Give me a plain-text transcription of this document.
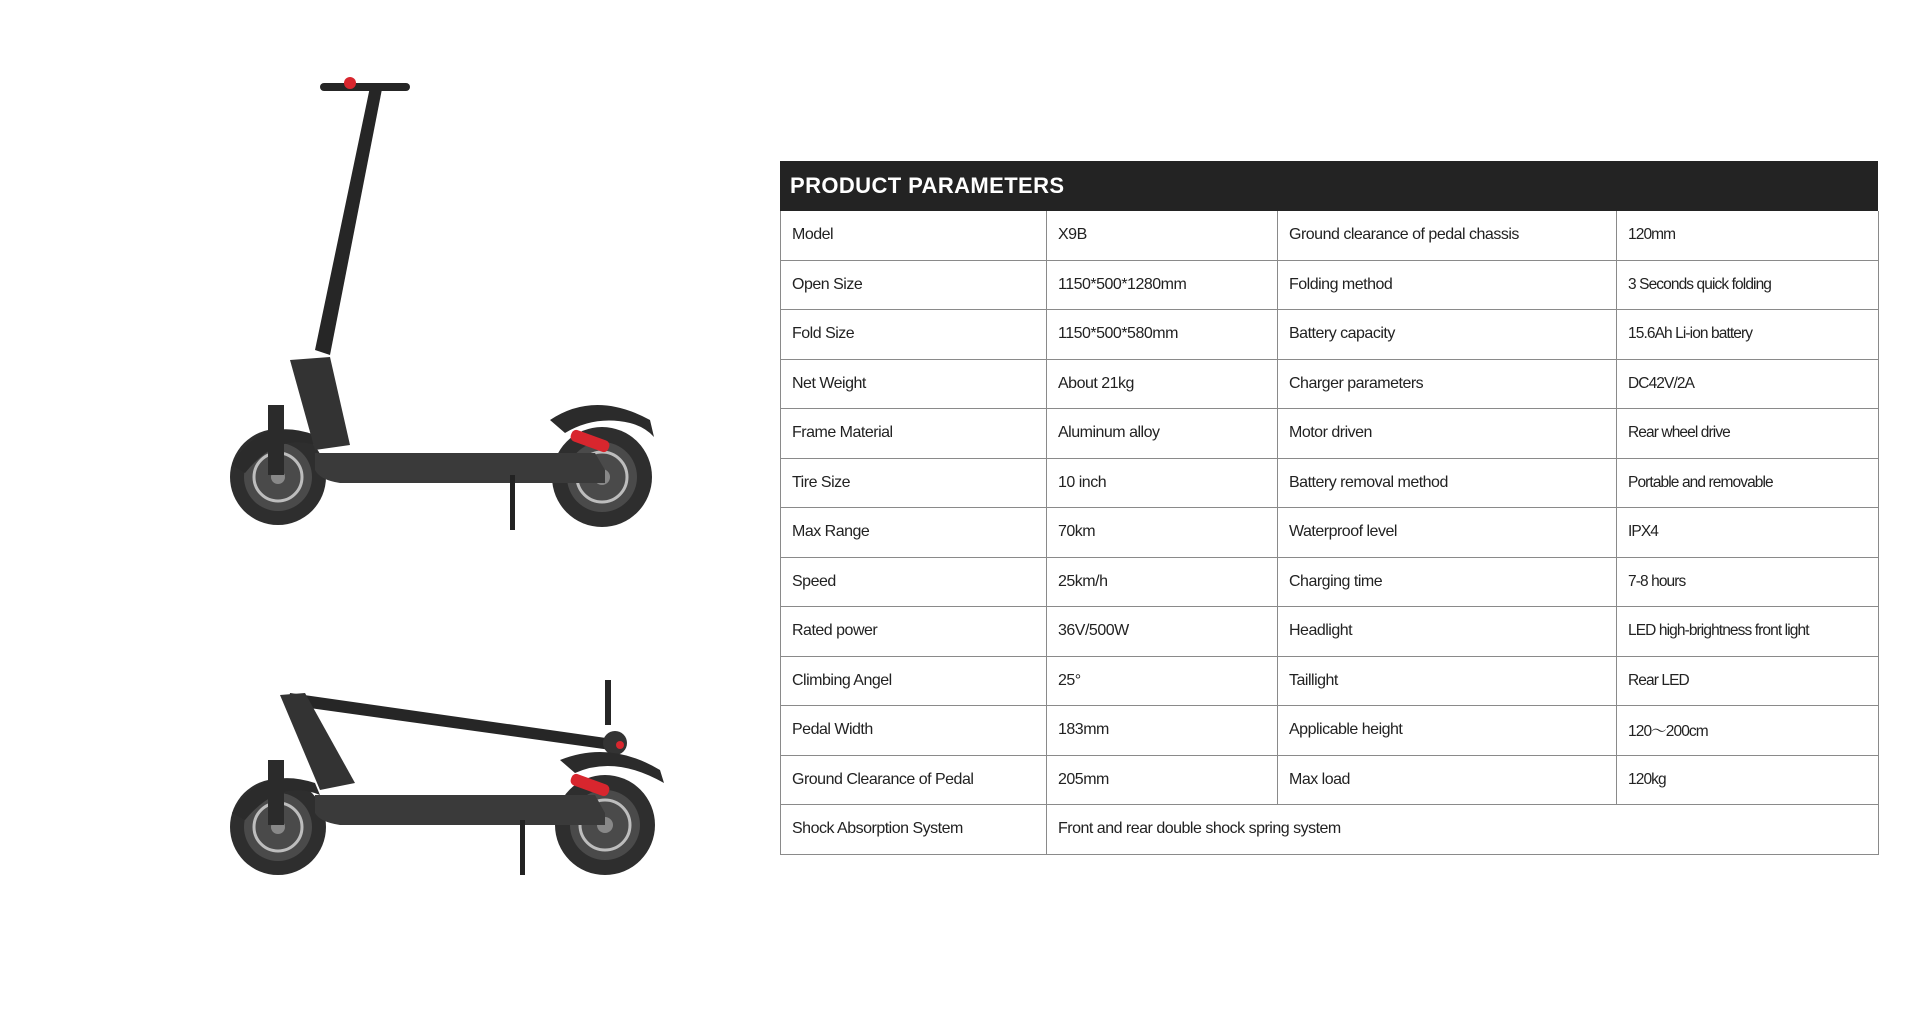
PRODUCT PARAMETERS
Model	X9B	Ground clearance of pedal chassis	120mm
Open Size	1150*500*1280mm	Folding method	3 Seconds quick folding
Fold Size	1150*500*580mm	Battery capacity	15.6Ah Li-ion battery
Net Weight	About 21kg	Charger parameters	DC42V/2A
Frame Material	Aluminum alloy	Motor driven	Rear wheel drive
Tire Size	10 inch	Battery removal method	Portable and removable
Max Range	70km	Waterproof level	IPX4
Speed	25km/h	Charging time	7-8 hours
Rated power	36V/500W	Headlight	LED high-brightness front light
Climbing Angel	25°	Taillight	Rear LED
Pedal Width	183mm	Applicable height	120〜200cm
Ground Clearance of Pedal	205mm	Max load	120kg
Shock Absorption System	Front and rear double shock spring system		
